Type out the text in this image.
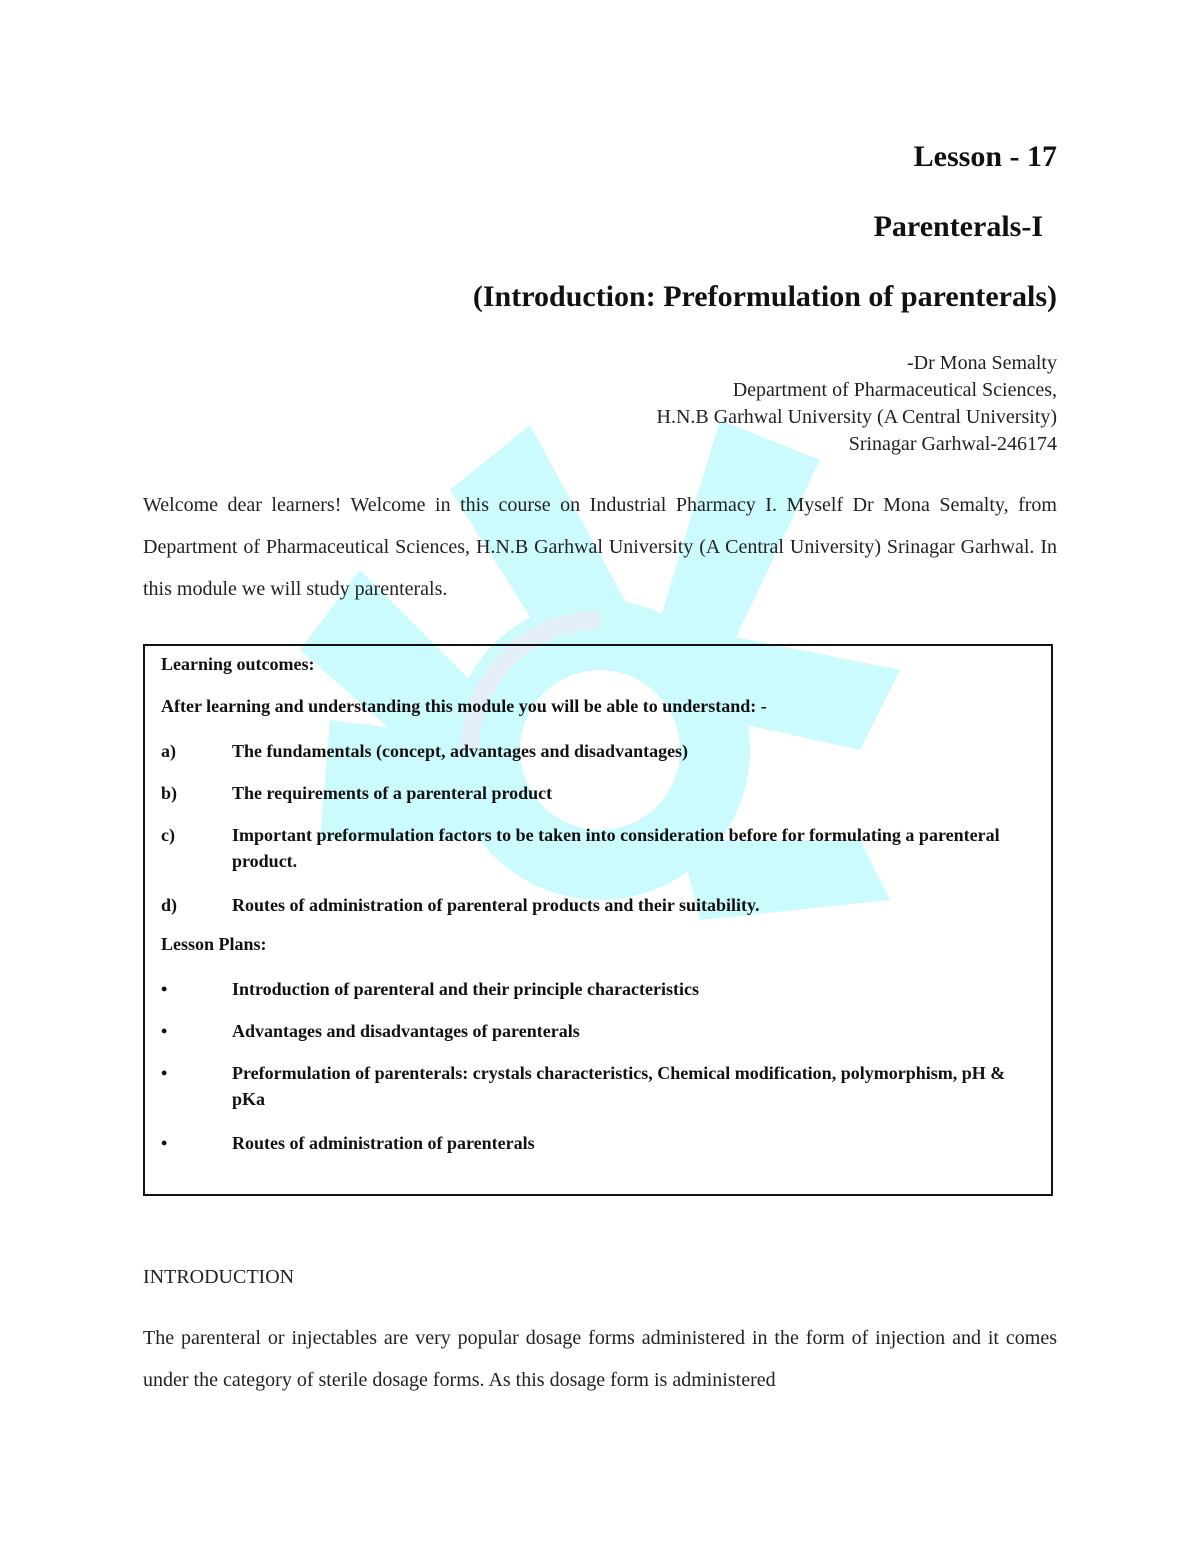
Lesson - 17
Parenterals-I
(Introduction: Preformulation of parenterals)
-Dr Mona Semalty
Department of Pharmaceutical Sciences,
H.N.B Garhwal University (A Central University)
Srinagar Garhwal-246174

Welcome dear learners! Welcome in this course on Industrial Pharmacy I. Myself Dr Mona Semalty, from Department of Pharmaceutical Sciences, H.N.B Garhwal University (A Central University) Srinagar Garhwal. In this module we will study parenterals.

Learning outcomes:

After learning and understanding this module you will be able to understand: -

a)	The fundamentals (concept, advantages and disadvantages)
b)	The requirements of a parenteral product
c)	Important preformulation factors to be taken into consideration before for formulating a parenteral product.
d)	Routes of administration of parenteral products and their suitability.

Lesson Plans:

•	Introduction of parenteral and their principle characteristics
•	Advantages and disadvantages of parenterals
•	Preformulation of parenterals: crystals characteristics, Chemical modification, polymorphism, pH & pKa
•	Routes of administration of parenterals
INTRODUCTION

The parenteral or injectables are very popular dosage forms administered in the form of injection and it comes under the category of sterile dosage forms. As this dosage form is administered
